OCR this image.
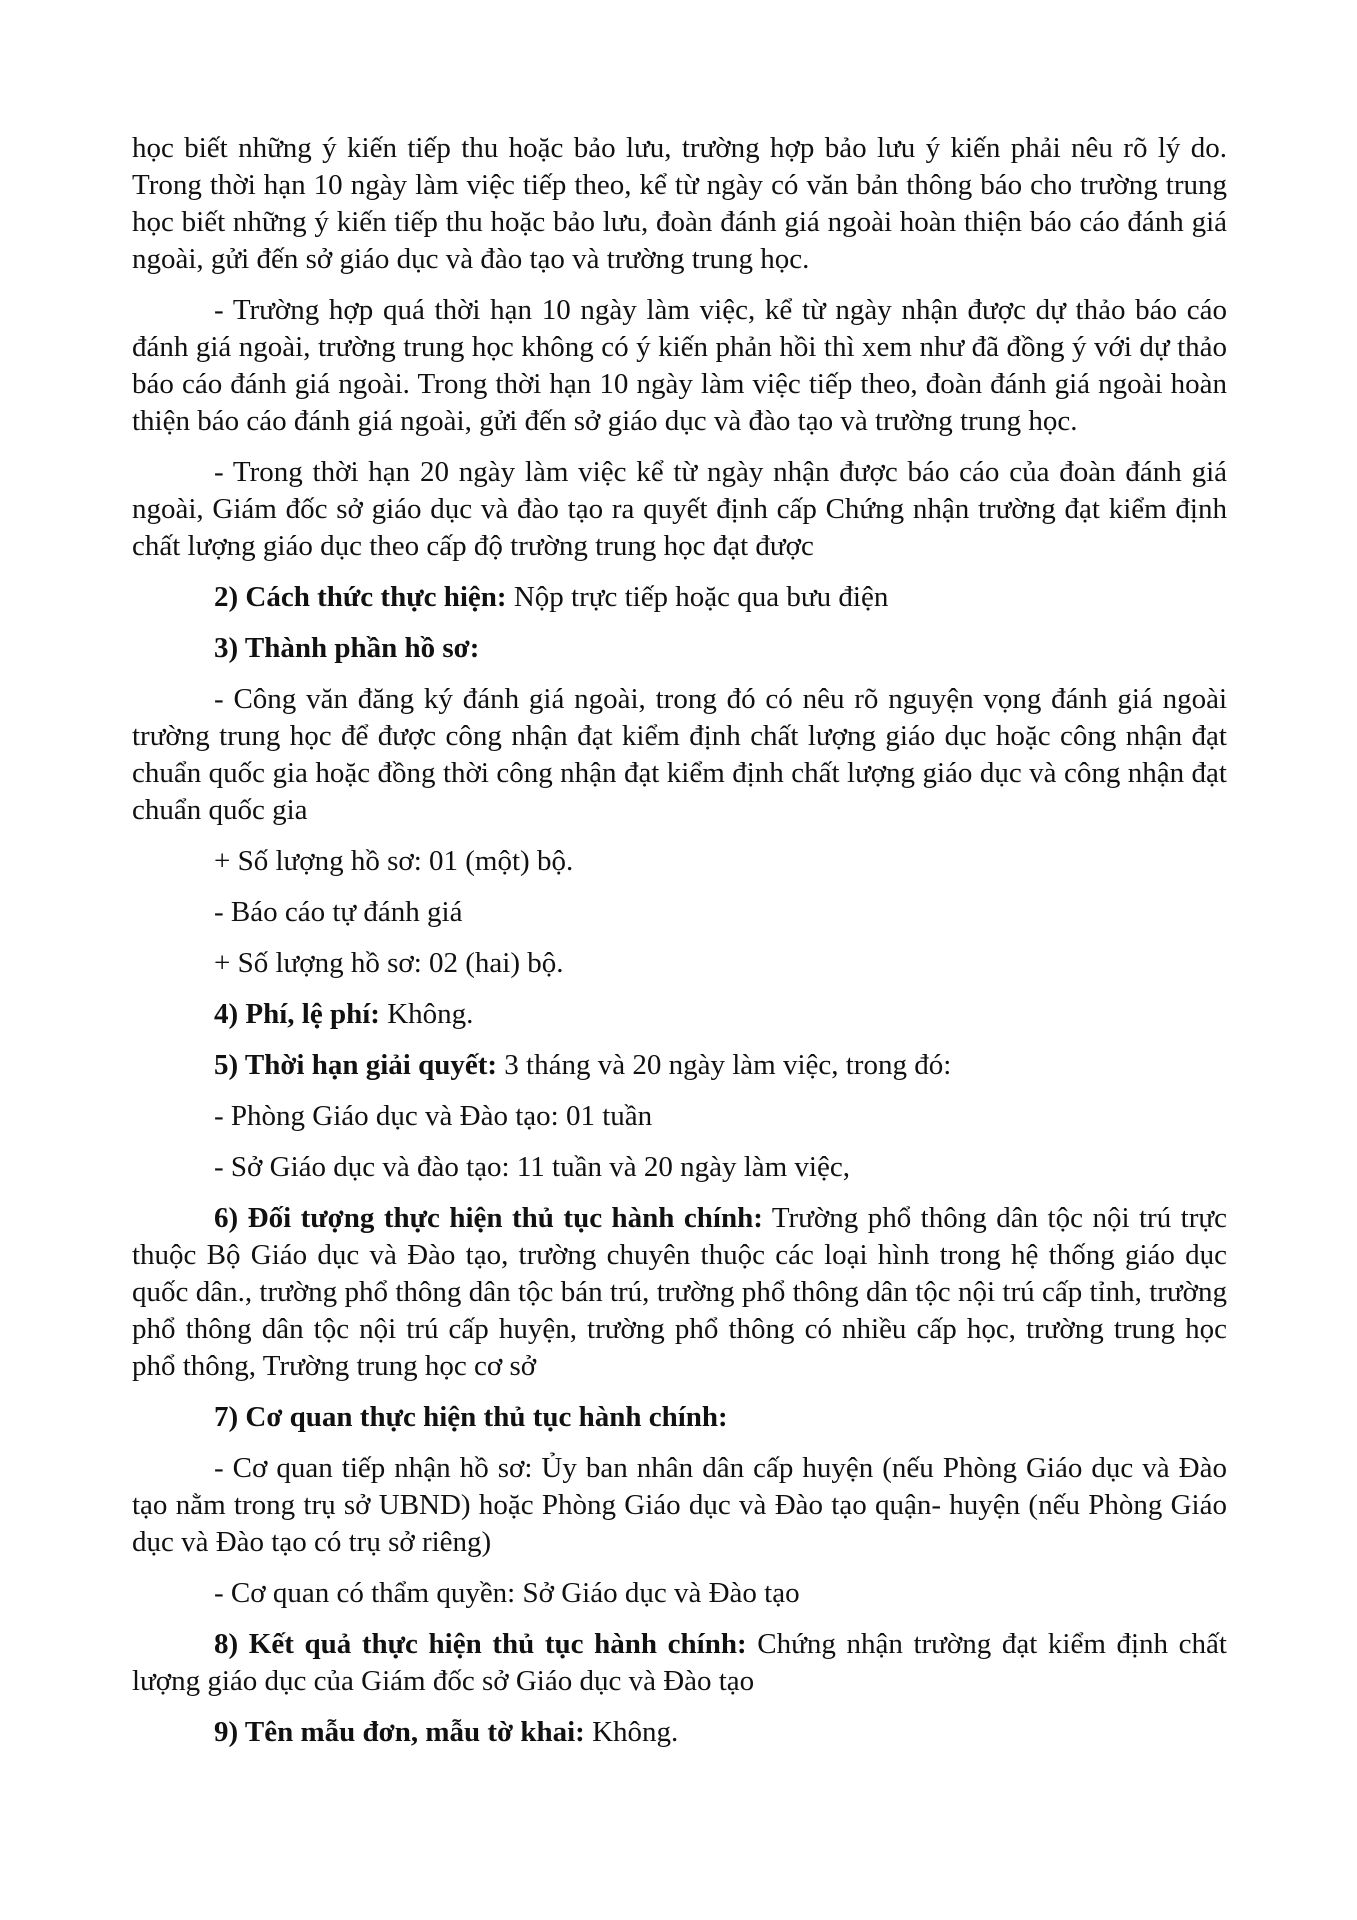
học biết những ý kiến tiếp thu hoặc bảo lưu, trường hợp bảo lưu ý kiến phải nêu rõ lý do. Trong thời hạn 10 ngày làm việc tiếp theo, kể từ ngày có văn bản thông báo cho trường trung học biết những ý kiến tiếp thu hoặc bảo lưu, đoàn đánh giá ngoài hoàn thiện báo cáo đánh giá ngoài, gửi đến sở giáo dục và đào tạo và trường trung học.

- Trường hợp quá thời hạn 10 ngày làm việc, kể từ ngày nhận được dự thảo báo cáo đánh giá ngoài, trường trung học không có ý kiến phản hồi thì xem như đã đồng ý với dự thảo báo cáo đánh giá ngoài. Trong thời hạn 10 ngày làm việc tiếp theo, đoàn đánh giá ngoài hoàn thiện báo cáo đánh giá ngoài, gửi đến sở giáo dục và đào tạo và trường trung học.

- Trong thời hạn 20 ngày làm việc kể từ ngày nhận được báo cáo của đoàn đánh giá ngoài, Giám đốc sở giáo dục và đào tạo ra quyết định cấp Chứng nhận trường đạt kiểm định chất lượng giáo dục theo cấp độ trường trung học đạt được

2) Cách thức thực hiện: Nộp trực tiếp hoặc qua bưu điện

3) Thành phần hồ sơ:

- Công văn đăng ký đánh giá ngoài, trong đó có nêu rõ nguyện vọng đánh giá ngoài trường trung học để được công nhận đạt kiểm định chất lượng giáo dục hoặc công nhận đạt chuẩn quốc gia hoặc đồng thời công nhận đạt kiểm định chất lượng giáo dục và công nhận đạt chuẩn quốc gia

+ Số lượng hồ sơ: 01 (một) bộ.

- Báo cáo tự đánh giá

+ Số lượng hồ sơ: 02 (hai) bộ.

4) Phí, lệ phí: Không.

5) Thời hạn giải quyết: 3 tháng và 20 ngày làm việc, trong đó:

- Phòng Giáo dục và Đào tạo: 01 tuần

- Sở Giáo dục và đào tạo: 11 tuần và 20 ngày làm việc,

6) Đối tượng thực hiện thủ tục hành chính: Trường phổ thông dân tộc nội trú trực thuộc Bộ Giáo dục và Đào tạo, trường chuyên thuộc các loại hình trong hệ thống giáo dục quốc dân., trường phổ thông dân tộc bán trú, trường phổ thông dân tộc nội trú cấp tỉnh, trường phổ thông dân tộc nội trú cấp huyện, trường phổ thông có nhiều cấp học, trường trung học phổ thông, Trường trung học cơ sở

7) Cơ quan thực hiện thủ tục hành chính:

- Cơ quan tiếp nhận hồ sơ: Ủy ban nhân dân cấp huyện (nếu Phòng Giáo dục và Đào tạo nằm trong trụ sở UBND) hoặc Phòng Giáo dục và Đào tạo quận- huyện (nếu Phòng Giáo dục và Đào tạo có trụ sở riêng)

- Cơ quan có thẩm quyền: Sở Giáo dục và Đào tạo

8) Kết quả thực hiện thủ tục hành chính: Chứng nhận trường đạt kiểm định chất lượng giáo dục của Giám đốc sở Giáo dục và Đào tạo

9) Tên mẫu đơn, mẫu tờ khai: Không.
